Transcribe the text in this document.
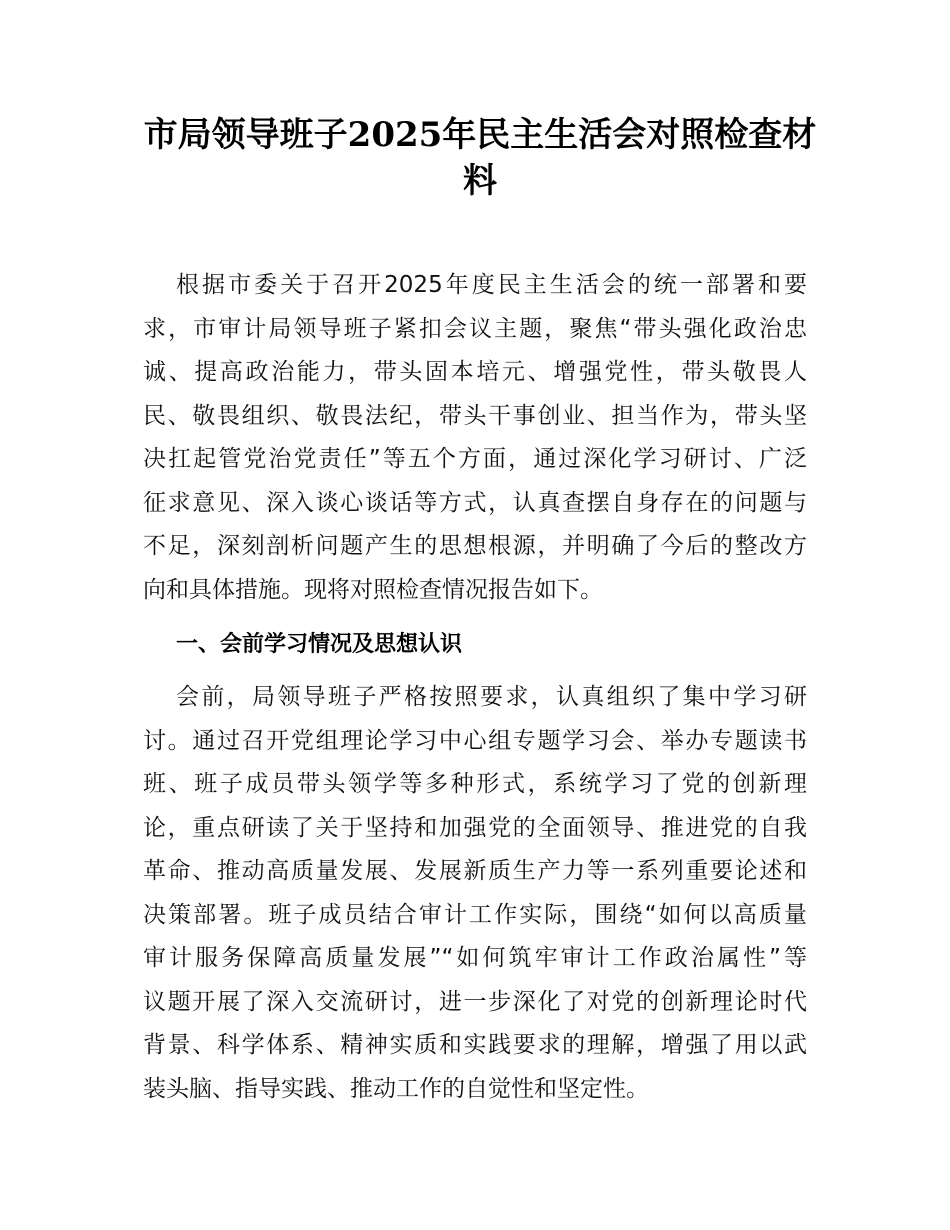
市局领导班子2025年民主生活会对照检查材
料
根据市委关于召开2025年度民主生活会的统一部署和要
求，市审计局领导班子紧扣会议主题，聚焦“带头强化政治忠
诚、提高政治能力，带头固本培元、增强党性，带头敬畏人
民、敬畏组织、敬畏法纪，带头干事创业、担当作为，带头坚
决扛起管党治党责任”等五个方面，通过深化学习研讨、广泛
征求意见、深入谈心谈话等方式，认真查摆自身存在的问题与
不足，深刻剖析问题产生的思想根源，并明确了今后的整改方
向和具体措施。现将对照检查情况报告如下。
一、会前学习情况及思想认识
会前，局领导班子严格按照要求，认真组织了集中学习研
讨。通过召开党组理论学习中心组专题学习会、举办专题读书
班、班子成员带头领学等多种形式，系统学习了党的创新理
论，重点研读了关于坚持和加强党的全面领导、推进党的自我
革命、推动高质量发展、发展新质生产力等一系列重要论述和
决策部署。班子成员结合审计工作实际，围绕“如何以高质量
审计服务保障高质量发展”“如何筑牢审计工作政治属性”等
议题开展了深入交流研讨，进一步深化了对党的创新理论时代
背景、科学体系、精神实质和实践要求的理解，增强了用以武
装头脑、指导实践、推动工作的自觉性和坚定性。
